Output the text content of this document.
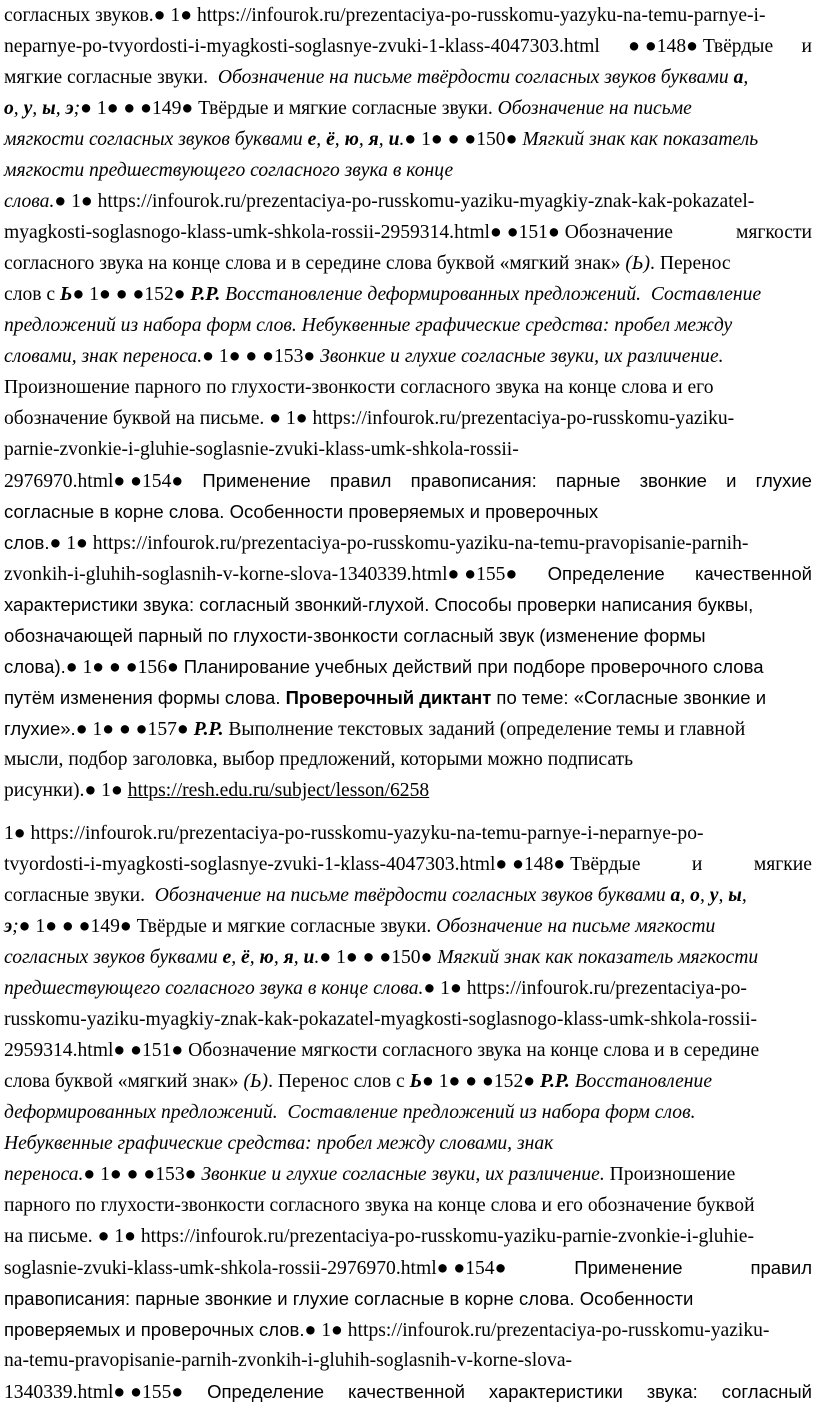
согласных звуков. ● 1 ● https://infourok.ru/prezentaciya-po-russkomu-yazyku-na-temu-parnye-i-
neparnye-po-tvyordosti-i-myagkosti-soglasnye-zvuki-1-klass-4047303.html ● ●148● Твёрдые и
мягкие согласные звуки. Обозначение на письме твёрдости согласных звуков буквами а ,
о , у , ы , э ; ● 1● ● ●149● Твёрдые и мягкие согласные звуки. Обозначение на письме
мягкости согласных звуков буквами е , ё , ю , я , и . ● 1● ● ●150● Мягкий знак как показатель
мягкости предшествующего согласного звука в конце
слова. ● 1● https://infourok.ru/prezentaciya-po-russkomu-yaziku-myagkiy-znak-kak-pokazatel-
myagkosti-soglasnogo-klass-umk-shkola-rossii-2959314.html● ●151● Обозначение	мягкости
согласного звука на конце слова и в середине слова буквой «мягкий знак» (Ь) . Перенос
слов с Ь ● 1● ● ●152● Р.Р. Восстановление деформированных предложений.  Составление
предложений из набора форм слов. Небуквенные графические средства: пробел между
словами, знак переноса. ● 1● ● ●153● Звонкие и глухие согласные звуки, их различение.
Произношение парного по глухости-звонкости согласного звука на конце слова и его
обозначение буквой на письме. ● 1● https://infourok.ru/prezentaciya-po-russkomu-yaziku-
parnie-zvonkie-i-gluhie-soglasnie-zvuki-klass-umk-shkola-rossii-
2976970.html● ●154● Применение правил правописания: парные звонкие и глухие
согласные в корне слова. Особенности проверяемых и проверочных
слов. ● 1● https://infourok.ru/prezentaciya-po-russkomu-yaziku-na-temu-pravopisanie-parnih-
zvonkih-i-gluhih-soglasnih-v-korne-slova-1340339.html● ●155● Определение качественной
характеристики звука: согласный звонкий-глухой. Способы проверки написания буквы,
обозначающей парный по глухости-звонкости согласный звук (изменение формы
слова). ● 1● ● ●156● Планирование учебных действий при подборе проверочного слова
путём изменения формы слова. Проверочный диктант по теме: «Согласные звонкие и
глухие». ● 1● ● ●157● Р.Р. Выполнение текстовых заданий (определение темы и главной
мысли, подбор заголовка, выбор предложений, которыми можно подписать
рисунки). ● 1● https://resh.edu.ru/subject/lesson/6258
1● https://infourok.ru/prezentaciya-po-russkomu-yazyku-na-temu-parnye-i-neparnye-po-
tvyordosti-i-myagkosti-soglasnye-zvuki-1-klass-4047303.html● ●148● Твёрдые	и	мягкие
согласные звуки. Обозначение на письме твёрдости согласных звуков буквами а , о , у , ы ,
э ; ● 1● ● ●149● Твёрдые и мягкие согласные звуки. Обозначение на письме мягкости
согласных звуков буквами е , ё , ю , я , и . ● 1● ● ●150● Мягкий знак как показатель мягкости
предшествующего согласного звука в конце слова. ● 1● https://infourok.ru/prezentaciya-po-
russkomu-yaziku-myagkiy-znak-kak-pokazatel-myagkosti-soglasnogo-klass-umk-shkola-rossii-
2959314.html● ●151● Обозначение мягкости согласного звука на конце слова и в середине
слова буквой «мягкий знак» (Ь) . Перенос слов с Ь ● 1● ● ●152● Р.Р. Восстановление
деформированных предложений.  Составление предложений из набора форм слов.
Небуквенные графические средства: пробел между словами, знак
переноса. ● 1● ● ●153● Звонкие и глухие согласные звуки, их различение. Произношение
парного по глухости-звонкости согласного звука на конце слова и его обозначение буквой
на письме. ● 1● https://infourok.ru/prezentaciya-po-russkomu-yaziku-parnie-zvonkie-i-gluhie-
soglasnie-zvuki-klass-umk-shkola-rossii-2976970.html● ●154●	Применение	правил
правописания: парные звонкие и глухие согласные в корне слова. Особенности
проверяемых и проверочных слов. ● 1● https://infourok.ru/prezentaciya-po-russkomu-yaziku-
na-temu-pravopisanie-parnih-zvonkih-i-gluhih-soglasnih-v-korne-slova-
1340339.html● ●155● Определение качественной характеристики звука: согласный
